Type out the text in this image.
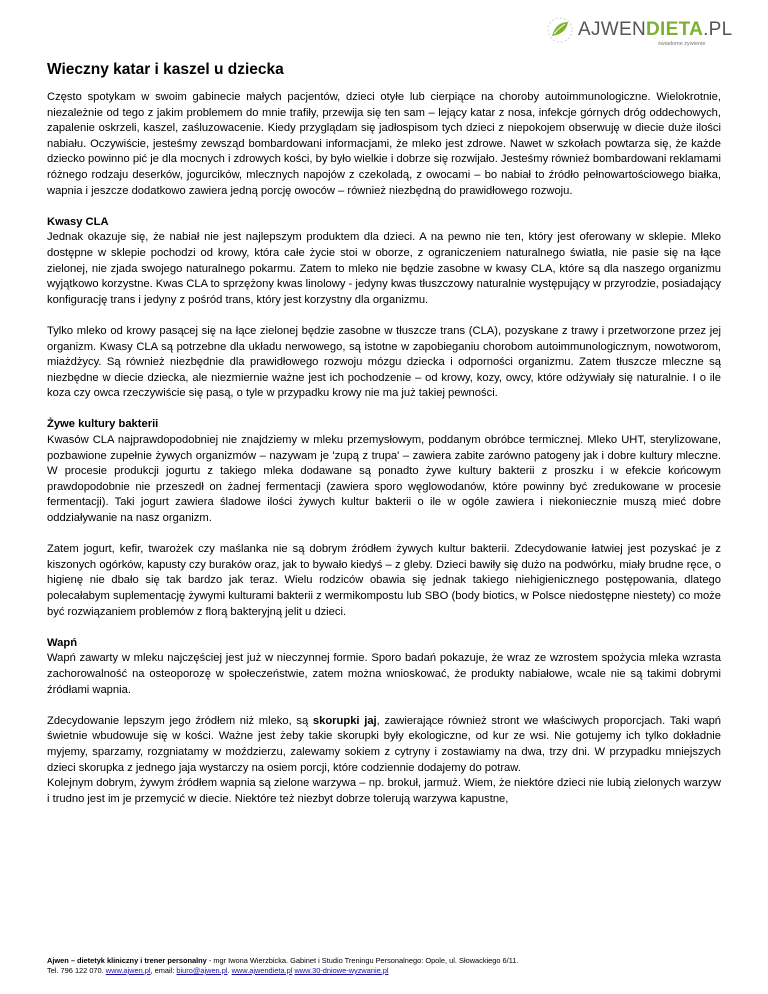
AJWENDIETA.PL
świadome żywienie
Wieczny katar i kaszel u dziecka

Często spotykam w swoim gabinecie małych pacjentów, dzieci otyłe lub cierpiące na choroby autoimmunologiczne. Wielokrotnie, niezależnie od tego z jakim problemem do mnie trafiły, przewija się ten sam – lejący katar z nosa, infekcje górnych dróg oddechowych, zapalenie oskrzeli, kaszel, zaśluzowacenie. Kiedy przyglądam się jadłospisom tych dzieci z niepokojem obserwuję w diecie duże ilości nabiału. Oczywiście, jesteśmy zewsząd bombardowani informacjami, że mleko jest zdrowe. Nawet w szkołach powtarza się, że każde dziecko powinno pić je dla mocnych i zdrowych kości, by było wielkie i dobrze się rozwijało. Jesteśmy również bombardowani reklamami różnego rodzaju deserków, jogurcików, mlecznych napojów z czekoladą, z owocami – bo nabiał to źródło pełnowartościowego białka, wapnia i jeszcze dodatkowo zawiera jedną porcję owoców – również niezbędną do prawidłowego rozwoju.

Kwasy CLA

Jednak okazuje się, że nabiał nie jest najlepszym produktem dla dzieci. A na pewno nie ten, który jest oferowany w sklepie. Mleko dostępne w sklepie pochodzi od krowy, która całe życie stoi w oborze, z ograniczeniem naturalnego światła, nie pasie się na łące zielonej, nie zjada swojego naturalnego pokarmu. Zatem to mleko nie będzie zasobne w kwasy CLA, które są dla naszego organizmu wyjątkowo korzystne. Kwas CLA to sprzężony kwas linolowy - jedyny kwas tłuszczowy naturalnie występujący w przyrodzie, posiadający konfigurację trans i jedyny z pośród trans, który jest korzystny dla organizmu.

Tylko mleko od krowy pasącej się na łące zielonej będzie zasobne w tłuszcze trans (CLA), pozyskane z trawy i przetworzone przez jej organizm. Kwasy CLA są potrzebne dla układu nerwowego, są istotne w zapobieganiu chorobom autoimmunologicznym, nowotworom, miażdżycy. Są również niezbędnie dla prawidłowego rozwoju mózgu dziecka i odporności organizmu. Zatem tłuszcze mleczne są niezbędne w diecie dziecka, ale niezmiernie ważne jest ich pochodzenie – od krowy, kozy, owcy, które odżywiały się naturalnie. I o ile koza czy owca rzeczywiście się pasą, o tyle w przypadku krowy nie ma już takiej pewności.

Żywe kultury bakterii

Kwasów CLA najprawdopodobniej nie znajdziemy w mleku przemysłowym, poddanym obróbce termicznej. Mleko UHT, sterylizowane, pozbawione zupełnie żywych organizmów – nazywam je 'zupą z trupa' – zawiera zabite zarówno patogeny jak i dobre kultury mleczne. W procesie produkcji jogurtu z takiego mleka dodawane są ponadto żywe kultury bakterii z proszku i w efekcie końcowym prawdopodobnie nie przeszedł on żadnej fermentacji (zawiera sporo węglowodanów, które powinny być zredukowane w procesie fermentacji). Taki jogurt zawiera śladowe ilości żywych kultur bakterii o ile w ogóle zawiera i niekoniecznie muszą mieć dobre oddziaływanie na nasz organizm.

Zatem jogurt, kefir, twarożek czy maślanka nie są dobrym źródłem żywych kultur bakterii. Zdecydowanie łatwiej jest pozyskać je z kiszonych ogórków, kapusty czy buraków oraz, jak to bywało kiedyś – z gleby. Dzieci bawiły się dużo na podwórku, miały brudne ręce, o higienę nie dbało się tak bardzo jak teraz. Wielu rodziców obawia się jednak takiego niehigienicznego postępowania, dlatego polecałabym suplementację żywymi kulturami bakterii z wermikompostu lub SBO (body biotics, w Polsce niedostępne niestety) co może być rozwiązaniem problemów z florą bakteryjną jelit u dzieci.

Wapń

Wapń zawarty w mleku najczęściej jest już w nieczynnej formie. Sporo badań pokazuje, że wraz ze wzrostem spożycia mleka wzrasta zachorowalność na osteoporozę w społeczeństwie, zatem można wnioskować, że produkty nabiałowe, wcale nie są takimi dobrymi źródłami wapnia.

Zdecydowanie lepszym jego źródłem niż mleko, są skorupki jaj, zawierające również stront we właściwych proporcjach. Taki wapń świetnie wbudowuje się w kości. Ważne jest żeby takie skorupki były ekologiczne, od kur ze wsi. Nie gotujemy ich tylko dokładnie myjemy, sparzamy, rozgniatamy w moździerzu, zalewamy sokiem z cytryny i zostawiamy na dwa, trzy dni. W przypadku mniejszych dzieci skorupka z jednego jaja wystarczy na osiem porcji, które codziennie dodajemy do potraw.

Kolejnym dobrym, żywym źródłem wapnia są zielone warzywa – np. brokuł, jarmuż. Wiem, że niektóre dzieci nie lubią zielonych warzyw i trudno jest im je przemycić w diecie. Niektóre też niezbyt dobrze tolerują warzywa kapustne,

Ajwen – dietetyk kliniczny i trener personalny - mgr Iwona Wierzbicka. Gabinet i Studio Treningu Personalnego: Opole, ul. Słowackiego 6/11.
Tel. 796 122 070. www.ajwen.pl, email: biuro@ajwen.pl. www.ajwendieta.pl www.30-dniowe-wyzwanie.pl
